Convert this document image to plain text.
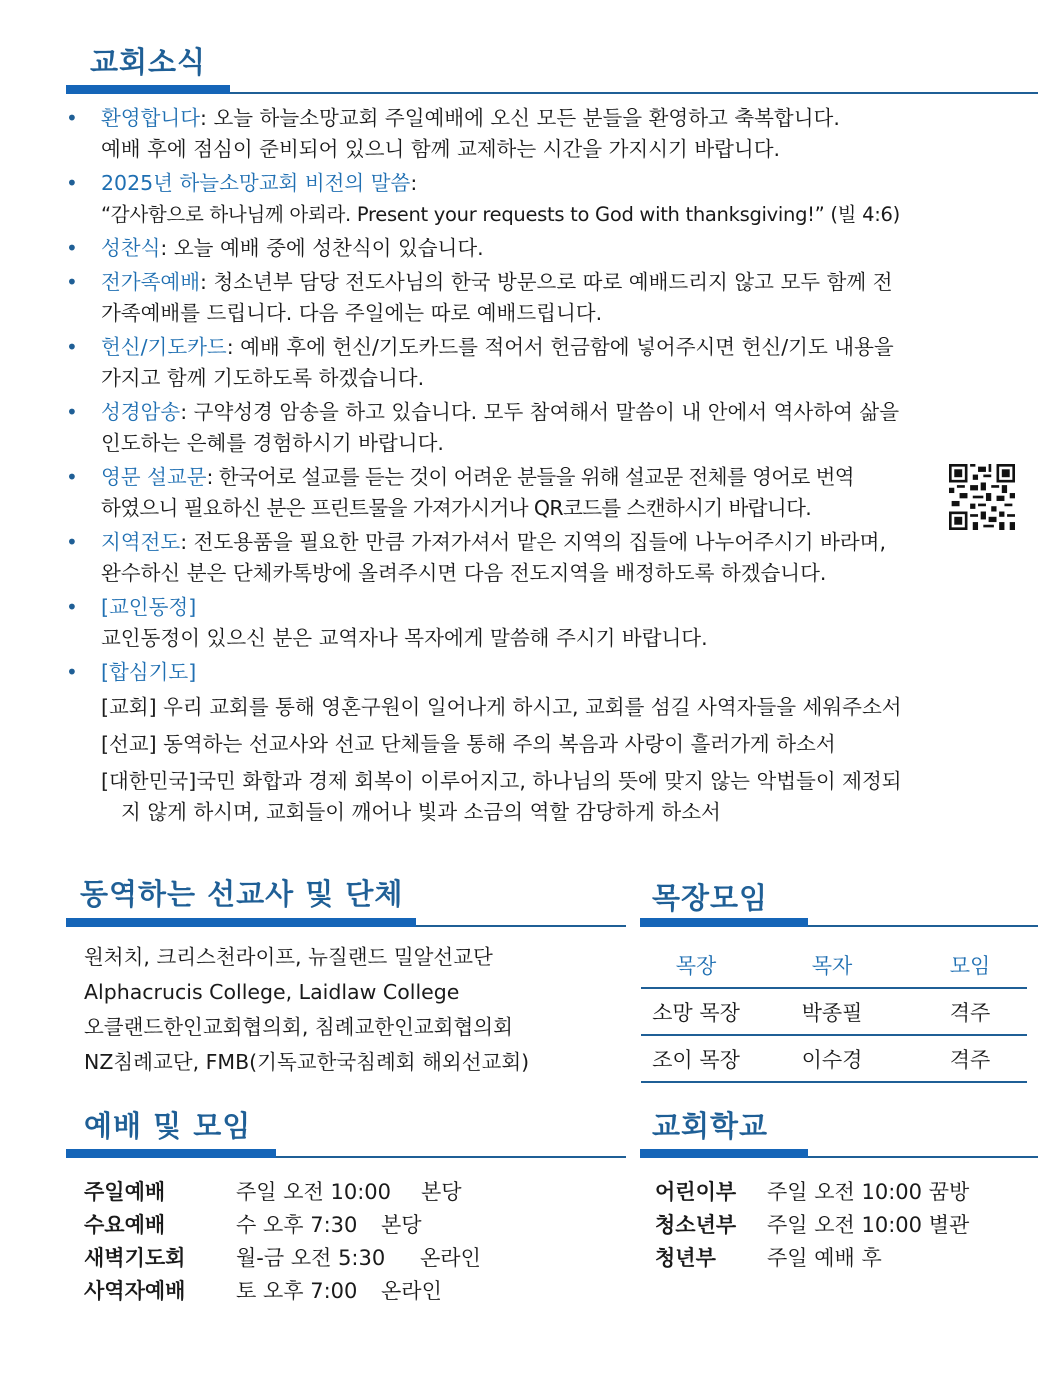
교회소식
• 환영합니다: 오늘 하늘소망교회 주일예배에 오신 모든 분들을 환영하고 축복합니다.
예배 후에 점심이 준비되어 있으니 함께 교제하는 시간을 가지시기 바랍니다.
• 2025년 하늘소망교회 비전의 말씀:
“감사함으로 하나님께 아뢰라. Present your requests to God with thanksgiving!” (빌 4:6)
• 성찬식: 오늘 예배 중에 성찬식이 있습니다.
• 전가족예배: 청소년부 담당 전도사님의 한국 방문으로 따로 예배드리지 않고 모두 함께 전
가족예배를 드립니다. 다음 주일에는 따로 예배드립니다.
• 헌신/기도카드: 예배 후에 헌신/기도카드를 적어서 헌금함에 넣어주시면 헌신/기도 내용을
가지고 함께 기도하도록 하겠습니다.
• 성경암송: 구약성경 암송을 하고 있습니다. 모두 참여해서 말씀이 내 안에서 역사하여 삶을
인도하는 은혜를 경험하시기 바랍니다.
• 영문 설교문: 한국어로 설교를 듣는 것이 어려운 분들을 위해 설교문 전체를 영어로 번역
하였으니 필요하신 분은 프린트물을 가져가시거나 QR코드를 스캔하시기 바랍니다.
• 지역전도: 전도용품을 필요한 만큼 가져가셔서 맡은 지역의 집들에 나누어주시기 바라며,
완수하신 분은 단체카톡방에 올려주시면 다음 전도지역을 배정하도록 하겠습니다.
• [교인동정]
교인동정이 있으신 분은 교역자나 목자에게 말씀해 주시기 바랍니다.
• [합심기도]
[교회] 우리 교회를 통해 영혼구원이 일어나게 하시고, 교회를 섬길 사역자들을 세워주소서
[선교] 동역하는 선교사와 선교 단체들을 통해 주의 복음과 사랑이 흘러가게 하소서
[대한민국]국민 화합과 경제 회복이 이루어지고, 하나님의 뜻에 맞지 않는 악법들이 제정되
지 않게 하시며, 교회들이 깨어나 빛과 소금의 역할 감당하게 하소서
동역하는 선교사 및 단체
원처치, 크리스천라이프, 뉴질랜드 밀알선교단
Alphacrucis College, Laidlaw College
오클랜드한인교회협의회, 침례교한인교회협의회
NZ침례교단, FMB(기독교한국침례회 해외선교회)
목장모임
목장	목자	모임
소망 목장	박종필	격주
조이 목장	이수경	격주
예배 및 모임
주일예배	주일 오전 10:00	본당
수요예배	수 오후 7:30	본당
새벽기도회	월-금 오전 5:30	온라인
사역자예배	토 오후 7:00	온라인
교회학교
어린이부	주일 오전 10:00 꿈방
청소년부	주일 오전 10:00 별관
청년부	주일 예배 후
